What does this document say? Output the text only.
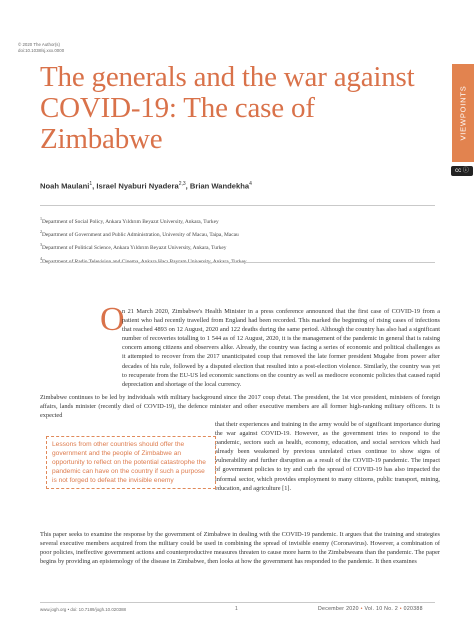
© 2020 The Author(s)
doi:10.1038/sj.xxx.0000
The generals and the war against COVID-19: The case of Zimbabwe	VIEWPOINTS
cc ⓘ
Noah Maulani$^1$, Israel Nyaburi Nyadera$^{2,3}$, Brian Wandekha$^4$
$^1$Department of Social Policy, Ankara Yıldırım Beyazıt University, Ankara, Turkey
$^2$Department of Government and Public Administration, University of Macau, Taipa, Macau
$^3$Department of Political Science, Ankara Yıldırım Beyazıt University, Ankara, Turkey
$^4$Department of Radio Television and Cinema, Ankara Hacı Bayram University, Ankara, Turkey
O

n 21 March 2020, Zimbabwe's Health Minister in a press conference announced that the first case of COVID-19 from a patient who had recently travelled from England had been recorded. This marked the beginning of rising cases of infections that reached 4893 on 12 August, 2020 and 122 deaths during the same period. Although the country has also had a significant number of recoveries totalling to 1 544 as of 12 August, 2020, it is the management of the pandemic in general that is raising concern among citizens and observers alike. Already, the country was facing a series of economic and political challenges as it attempted to recover from the 2017 unanticipated coup that removed the late former president Mugabe from power after decades of his rule, followed by a disputed election that resulted into a post-election violence. Similarly, the country was yet to recuperate from the EU-US led economic sanctions on the country as well as mediocre economic policies that caused rapid depreciation and shortage of the local currency.

Zimbabwe continues to be led by individuals with military background since the 2017 coup d'etat. The president, the 1st vice president, ministers of foreign affairs, lands minister (recently died of COVID-19), the defence minister and other executive members are all former high-ranking military officers. It is expected

that their experiences and training in the army would be of significant importance during the war against COVID-19. However, as the government tries to respond to the pandemic, sectors such as health, economy, education, and social services which had already been weakened by previous unrelated crises continue to show signs of vulnerability and further disruption as a result of the COVID-19 pandemic. The impact of government policies to try and curb the spread of COVID-19 has also impacted the informal sector, which provides employment to many citizens, public transport, mining, education, and agriculture [1].

Lessons from other countries should offer the government and the people of Zimbabwe an opportunity to reflect on the potential catastrophe the pandemic can have on the country if such a purpose is not forged to defeat the invisible enemy

This paper seeks to examine the response by the government of Zimbabwe in dealing with the COVID-19 pandemic. It argues that the training and strategies several executive members acquired from the military could be used in combining the spread of invisible enemy (Coronavirus). However, a combination of poor policies, ineffective government actions and counterproductive measures threaten to cause more harm to the Zimbabweans than the pandemic. The paper begins by providing an epistemology of the disease in Zimbabwe, then looks at how the government has responded to the pandemic. It then examines

www.jogh.org • doi: 10.7189/jogh.10.020388	1	December 2020 • Vol. 10 No. 2 • 020388
